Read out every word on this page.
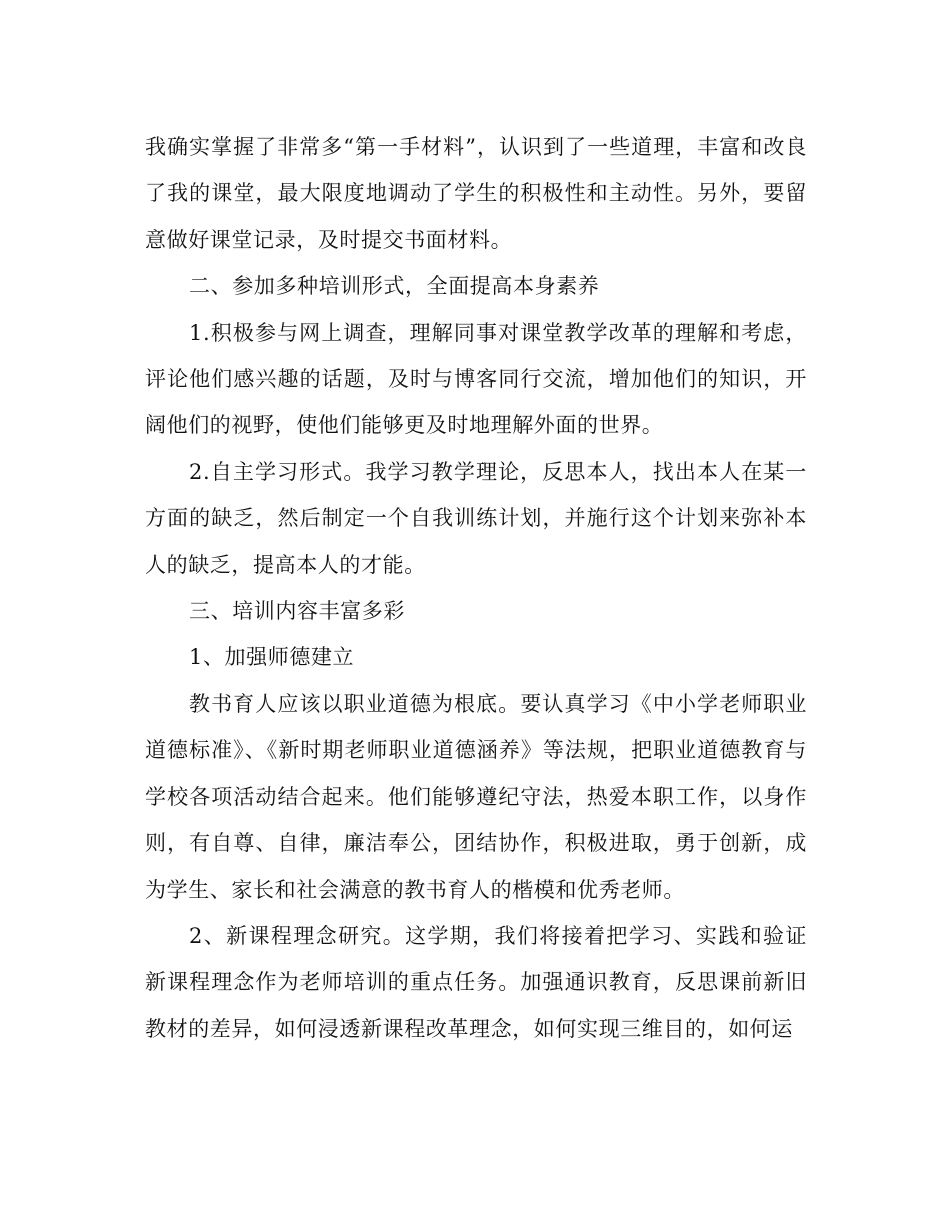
我确实掌握了非常多“第一手材料”，认识到了一些道理，丰富和改良了我的课堂，最大限度地调动了学生的积极性和主动性。另外，要留意做好课堂记录，及时提交书面材料。

二、参加多种培训形式，全面提高本身素养

1.积极参与网上调查，理解同事对课堂教学改革的理解和考虑，评论他们感兴趣的话题，及时与博客同行交流，增加他们的知识，开阔他们的视野，使他们能够更及时地理解外面的世界。

2.自主学习形式。我学习教学理论，反思本人，找出本人在某一方面的缺乏，然后制定一个自我训练计划，并施行这个计划来弥补本人的缺乏，提高本人的才能。

三、培训内容丰富多彩

1、加强师德建立

教书育人应该以职业道德为根底。要认真学习《中小学老师职业道德标准》、《新时期老师职业道德涵养》等法规，把职业道德教育与学校各项活动结合起来。他们能够遵纪守法，热爱本职工作，以身作则，有自尊、自律，廉洁奉公，团结协作，积极进取，勇于创新，成为学生、家长和社会满意的教书育人的楷模和优秀老师。

2、新课程理念研究。这学期，我们将接着把学习、实践和验证新课程理念作为老师培训的重点任务。加强通识教育，反思课前新旧教材的差异，如何浸透新课程改革理念，如何实现三维目的，如何运
